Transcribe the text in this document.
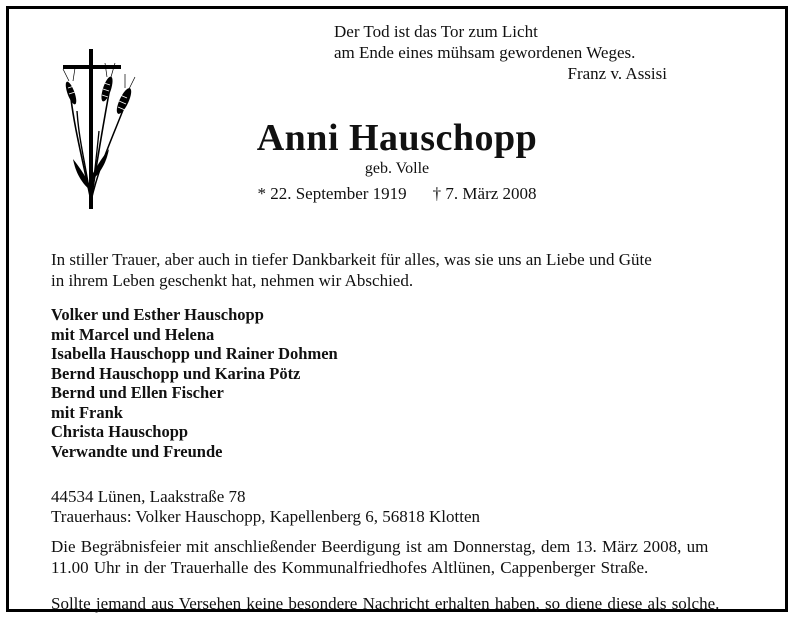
Der Tod ist das Tor zum Licht
am Ende eines mühsam gewordenen Weges.
Franz v. Assisi
Anni Hauschopp
geb. Volle
* 22. September 1919 † 7. März 2008
In stiller Trauer, aber auch in tiefer Dankbarkeit für alles, was sie uns an Liebe und Güte
in ihrem Leben geschenkt hat, nehmen wir Abschied.
Volker und Esther Hauschopp
mit Marcel und Helena
Isabella Hauschopp und Rainer Dohmen
Bernd Hauschopp und Karina Pötz
Bernd und Ellen Fischer
mit Frank
Christa Hauschopp
Verwandte und Freunde
44534 Lünen, Laakstraße 78
Trauerhaus: Volker Hauschopp, Kapellenberg 6, 56818 Klotten
Die Begräbnisfeier mit anschließender Beerdigung ist am Donnerstag, dem 13. März 2008, um
11.00 Uhr in der Trauerhalle des Kommunalfriedhofes Altlünen, Cappenberger Straße.
Sollte jemand aus Versehen keine besondere Nachricht erhalten haben, so diene diese als solche.
